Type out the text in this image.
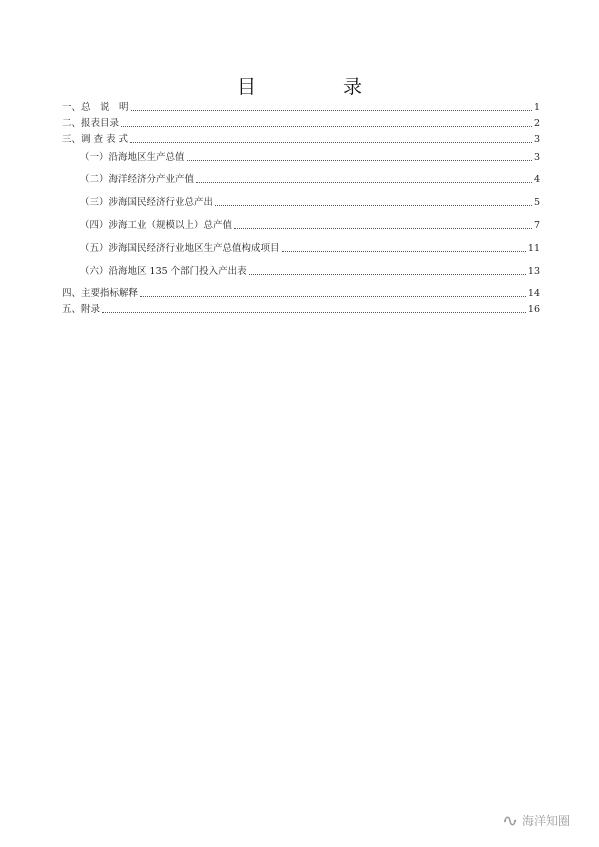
目　录
一、总　说　明	1
二、报表目录	2
三、调 查 表 式	3
（一）沿海地区生产总值	3
（二）海洋经济分产业产值	4
（三）涉海国民经济行业总产出	5
（四）涉海工业（规模以上）总产值	7
（五）涉海国民经济行业地区生产总值构成项目	11
（六）沿海地区 135 个部门投入产出表	13
四、主要指标解释	14
五、附录	16
海洋知圈
